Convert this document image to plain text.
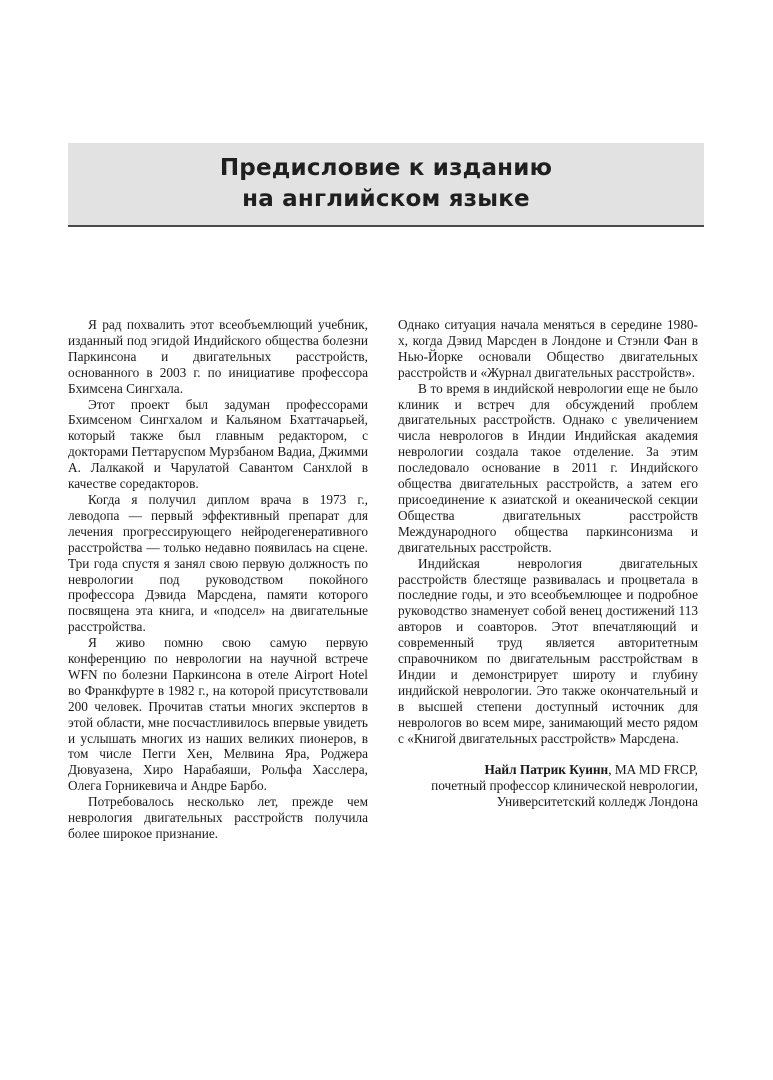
Предисловие к изданию
на английском языке

Я рад похвалить этот всеобъемлющий учебник, изданный под эгидой Индийского общества болезни Паркинсона и двигательных расстройств, основанного в 2003 г. по инициативе профессора Бхимсена Сингхала.

Этот проект был задуман профессорами Бхимсеном Сингхалом и Кальяном Бхаттачарьей, который также был главным редактором, с докторами Петтаруспом Мурзбаном Вадиа, Джимми А. Лалкакой и Чарулатой Савантом Санхлой в качестве соредакторов.

Когда я получил диплом врача в 1973 г., леводопа — первый эффективный препарат для лечения прогрессирующего нейродегенеративного расстройства — только недавно появилась на сцене. Три года спустя я занял свою первую должность по неврологии под руководством покойного профессора Дэвида Марсдена, памяти которого посвящена эта книга, и «подсел» на двигательные расстройства.

Я живо помню свою самую первую конференцию по неврологии на научной встрече WFN по болезни Паркинсона в отеле Airport Hotel во Франкфурте в 1982 г., на которой присутствовали 200 человек. Прочитав статьи многих экспертов в этой области, мне посчастливилось впервые увидеть и услышать многих из наших великих пионеров, в том числе Пегги Хен, Мелвина Яра, Роджера Дювуазена, Хиро Нарабаяши, Рольфа Хасслера, Олега Горникевича и Андре Барбо.

Потребовалось несколько лет, прежде чем неврология двигательных расстройств получила более широкое признание.

Однако ситуация начала меняться в середине 1980-х, когда Дэвид Марсден в Лондоне и Стэнли Фан в Нью-Йорке основали Общество двигательных расстройств и «Журнал двигательных расстройств».

В то время в индийской неврологии еще не было клиник и встреч для обсуждений проблем двигательных расстройств. Однако с увеличением числа неврологов в Индии Индийская академия неврологии создала такое отделение. За этим последовало основание в 2011 г. Индийского общества двигательных расстройств, а затем его присоединение к азиатской и океанической секции Общества двигательных расстройств Международного общества паркинсонизма и двигательных расстройств.

Индийская неврология двигательных расстройств блестяще развивалась и процветала в последние годы, и это всеобъемлющее и подробное руководство знаменует собой венец достижений 113 авторов и соавторов. Этот впечатляющий и современный труд является авторитетным справочником по двигательным расстройствам в Индии и демонстрирует широту и глубину индийской неврологии. Это также окончательный и в высшей степени доступный источник для неврологов во всем мире, занимающий место рядом с «Книгой двигательных расстройств» Марсдена.

Найл Патрик Куинн, MA MD FRCP,
почетный профессор клинической неврологии,
Университетский колледж Лондона
